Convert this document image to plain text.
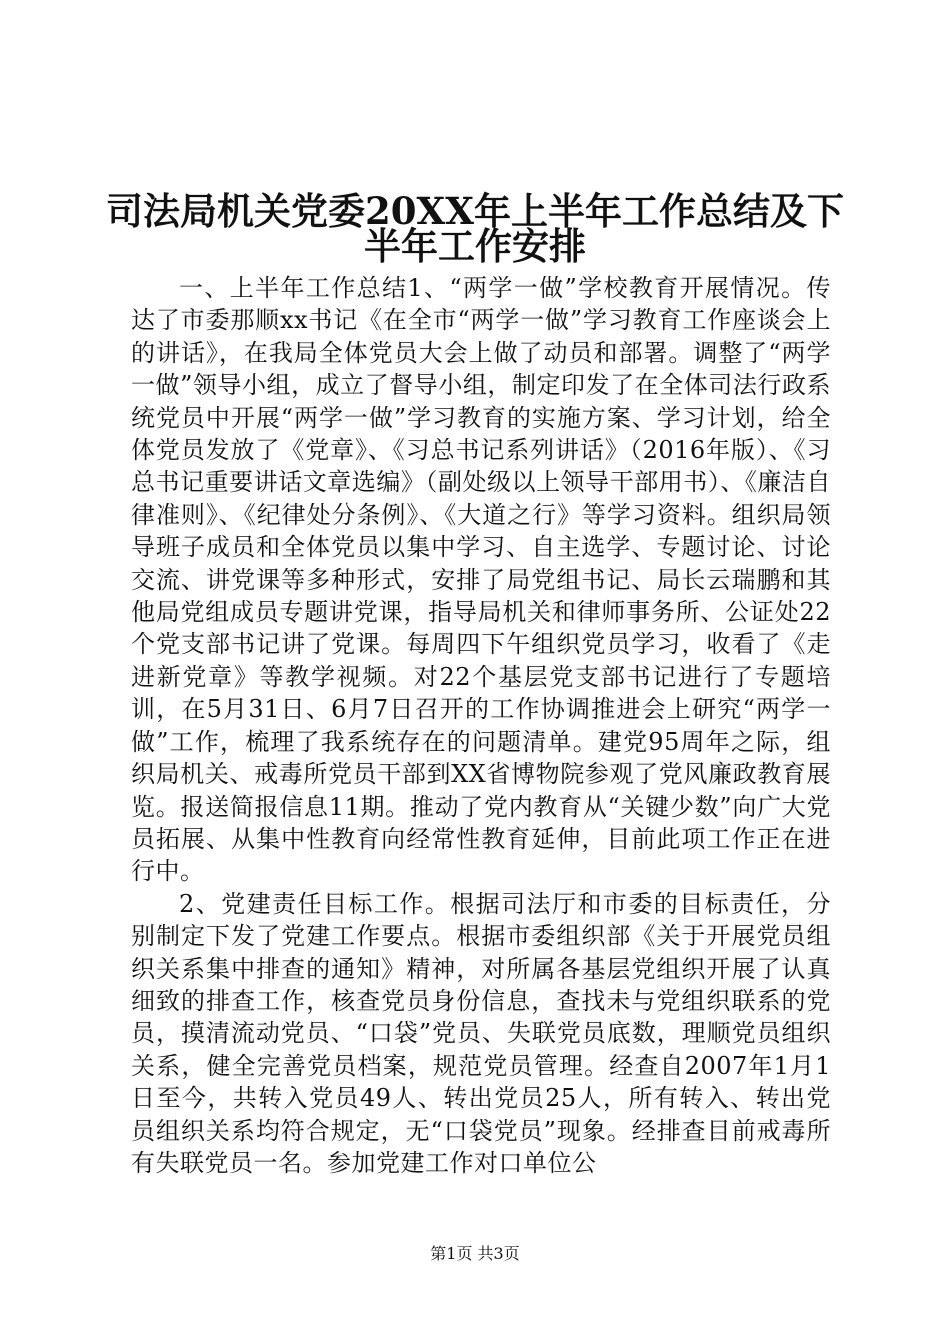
司法局机关党委20XX年上半年工作总结及下
半年工作安排

一、上半年工作总结1、“两学一做”学校教育开展情况。传达了市委那顺xx书记《在全市“两学一做”学习教育工作座谈会上的讲话》，在我局全体党员大会上做了动员和部署。调整了“两学一做”领导小组，成立了督导小组，制定印发了在全体司法行政系统党员中开展“两学一做”学习教育的实施方案、学习计划，给全体党员发放了《党章》、《习总书记系列讲话》（2016年版）、《习总书记重要讲话文章选编》（副处级以上领导干部用书）、《廉洁自律准则》、《纪律处分条例》、《大道之行》等学习资料。组织局领导班子成员和全体党员以集中学习、自主选学、专题讨论、讨论交流、讲党课等多种形式，安排了局党组书记、局长云瑞鹏和其他局党组成员专题讲党课，指导局机关和律师事务所、公证处22个党支部书记讲了党课。每周四下午组织党员学习，收看了《走进新党章》等教学视频。对22个基层党支部书记进行了专题培训，在5月31日、6月7日召开的工作协调推进会上研究“两学一做”工作，梳理了我系统存在的问题清单。建党95周年之际，组织局机关、戒毒所党员干部到XX省博物院参观了党风廉政教育展览。报送简报信息11期。推动了党内教育从“关键少数”向广大党员拓展、从集中性教育向经常性教育延伸，目前此项工作正在进行中。

2、党建责任目标工作。根据司法厅和市委的目标责任，分别制定下发了党建工作要点。根据市委组织部《关于开展党员组织关系集中排查的通知》精神，对所属各基层党组织开展了认真细致的排查工作，核查党员身份信息，查找未与党组织联系的党员，摸清流动党员、“口袋”党员、失联党员底数，理顺党员组织关系，健全完善党员档案，规范党员管理。经查自2007年1月1日至今，共转入党员49人、转出党员25人，所有转入、转出党员组织关系均符合规定，无“口袋党员”现象。经排查目前戒毒所有失联党员一名。参加党建工作对口单位公

第1页 共3页
